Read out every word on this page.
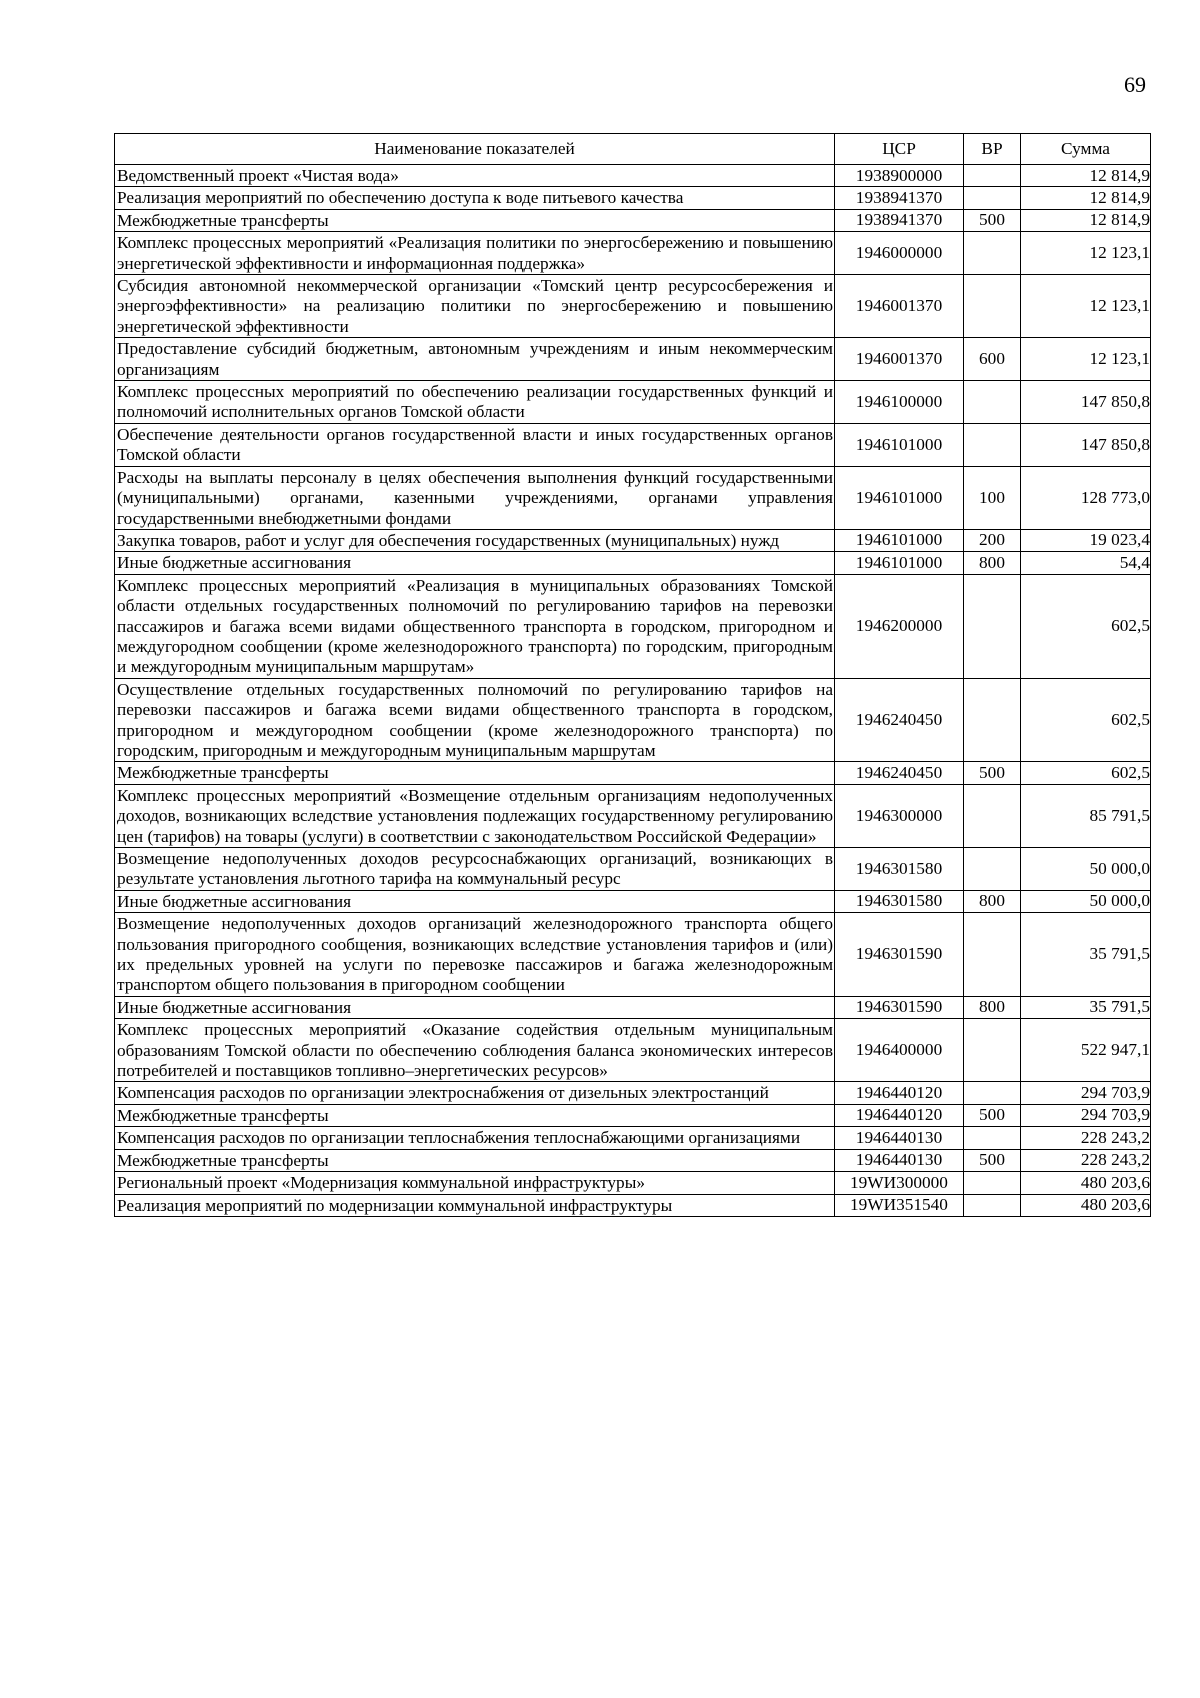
69
Наименование показателей	ЦСР	ВР	Сумма
Ведомственный проект «Чистая вода»	1938900000		12 814,9
Реализация мероприятий по обеспечению доступа к воде питьевого качества	1938941370		12 814,9
Межбюджетные трансферты	1938941370	500	12 814,9
Комплекс процессных мероприятий «Реализация политики по энергосбережению и повышению энергетической эффективности и информационная поддержка»	1946000000		12 123,1
Субсидия автономной некоммерческой организации «Томский центр ресурсосбережения и энергоэффективности» на реализацию политики по энергосбережению и повышению энергетической эффективности	1946001370		12 123,1
Предоставление субсидий бюджетным, автономным учреждениям и иным некоммерческим организациям	1946001370	600	12 123,1
Комплекс процессных мероприятий по обеспечению реализации государственных функций и полномочий исполнительных органов Томской области	1946100000		147 850,8
Обеспечение деятельности органов государственной власти и иных государственных органов Томской области	1946101000		147 850,8
Расходы на выплаты персоналу в целях обеспечения выполнения функций государственными (муниципальными) органами, казенными учреждениями, органами управления государственными внебюджетными фондами	1946101000	100	128 773,0
Закупка товаров, работ и услуг для обеспечения государственных (муниципальных) нужд	1946101000	200	19 023,4
Иные бюджетные ассигнования	1946101000	800	54,4
Комплекс процессных мероприятий «Реализация в муниципальных образованиях Томской области отдельных государственных полномочий по регулированию тарифов на перевозки пассажиров и багажа всеми видами общественного транспорта в городском, пригородном и междугородном сообщении (кроме железнодорожного транспорта) по городским, пригородным и междугородным муниципальным маршрутам»	1946200000		602,5
Осуществление отдельных государственных полномочий по регулированию тарифов на перевозки пассажиров и багажа всеми видами общественного транспорта в городском, пригородном и междугородном сообщении (кроме железнодорожного транспорта) по городским, пригородным и междугородным муниципальным маршрутам	1946240450		602,5
Межбюджетные трансферты	1946240450	500	602,5
Комплекс процессных мероприятий «Возмещение отдельным организациям недополученных доходов, возникающих вследствие установления подлежащих государственному регулированию цен (тарифов) на товары (услуги) в соответствии с законодательством Российской Федерации»	1946300000		85 791,5
Возмещение недополученных доходов ресурсоснабжающих организаций, возникающих в результате установления льготного тарифа на коммунальный ресурс	1946301580		50 000,0
Иные бюджетные ассигнования	1946301580	800	50 000,0
Возмещение недополученных доходов организаций железнодорожного транспорта общего пользования пригородного сообщения, возникающих вследствие установления тарифов и (или) их предельных уровней на услуги по перевозке пассажиров и багажа железнодорожным транспортом общего пользования в пригородном сообщении	1946301590		35 791,5
Иные бюджетные ассигнования	1946301590	800	35 791,5
Комплекс процессных мероприятий «Оказание содействия отдельным муниципальным образованиям Томской области по обеспечению соблюдения баланса экономических интересов потребителей и поставщиков топливно–энергетических ресурсов»	1946400000		522 947,1
Компенсация расходов по организации электроснабжения от дизельных электростанций	1946440120		294 703,9
Межбюджетные трансферты	1946440120	500	294 703,9
Компенсация расходов по организации теплоснабжения теплоснабжающими организациями	1946440130		228 243,2
Межбюджетные трансферты	1946440130	500	228 243,2
Региональный проект «Модернизация коммунальной инфраструктуры»	19WИ300000		480 203,6
Реализация мероприятий по модернизации коммунальной инфраструктуры	19WИ351540		480 203,6
